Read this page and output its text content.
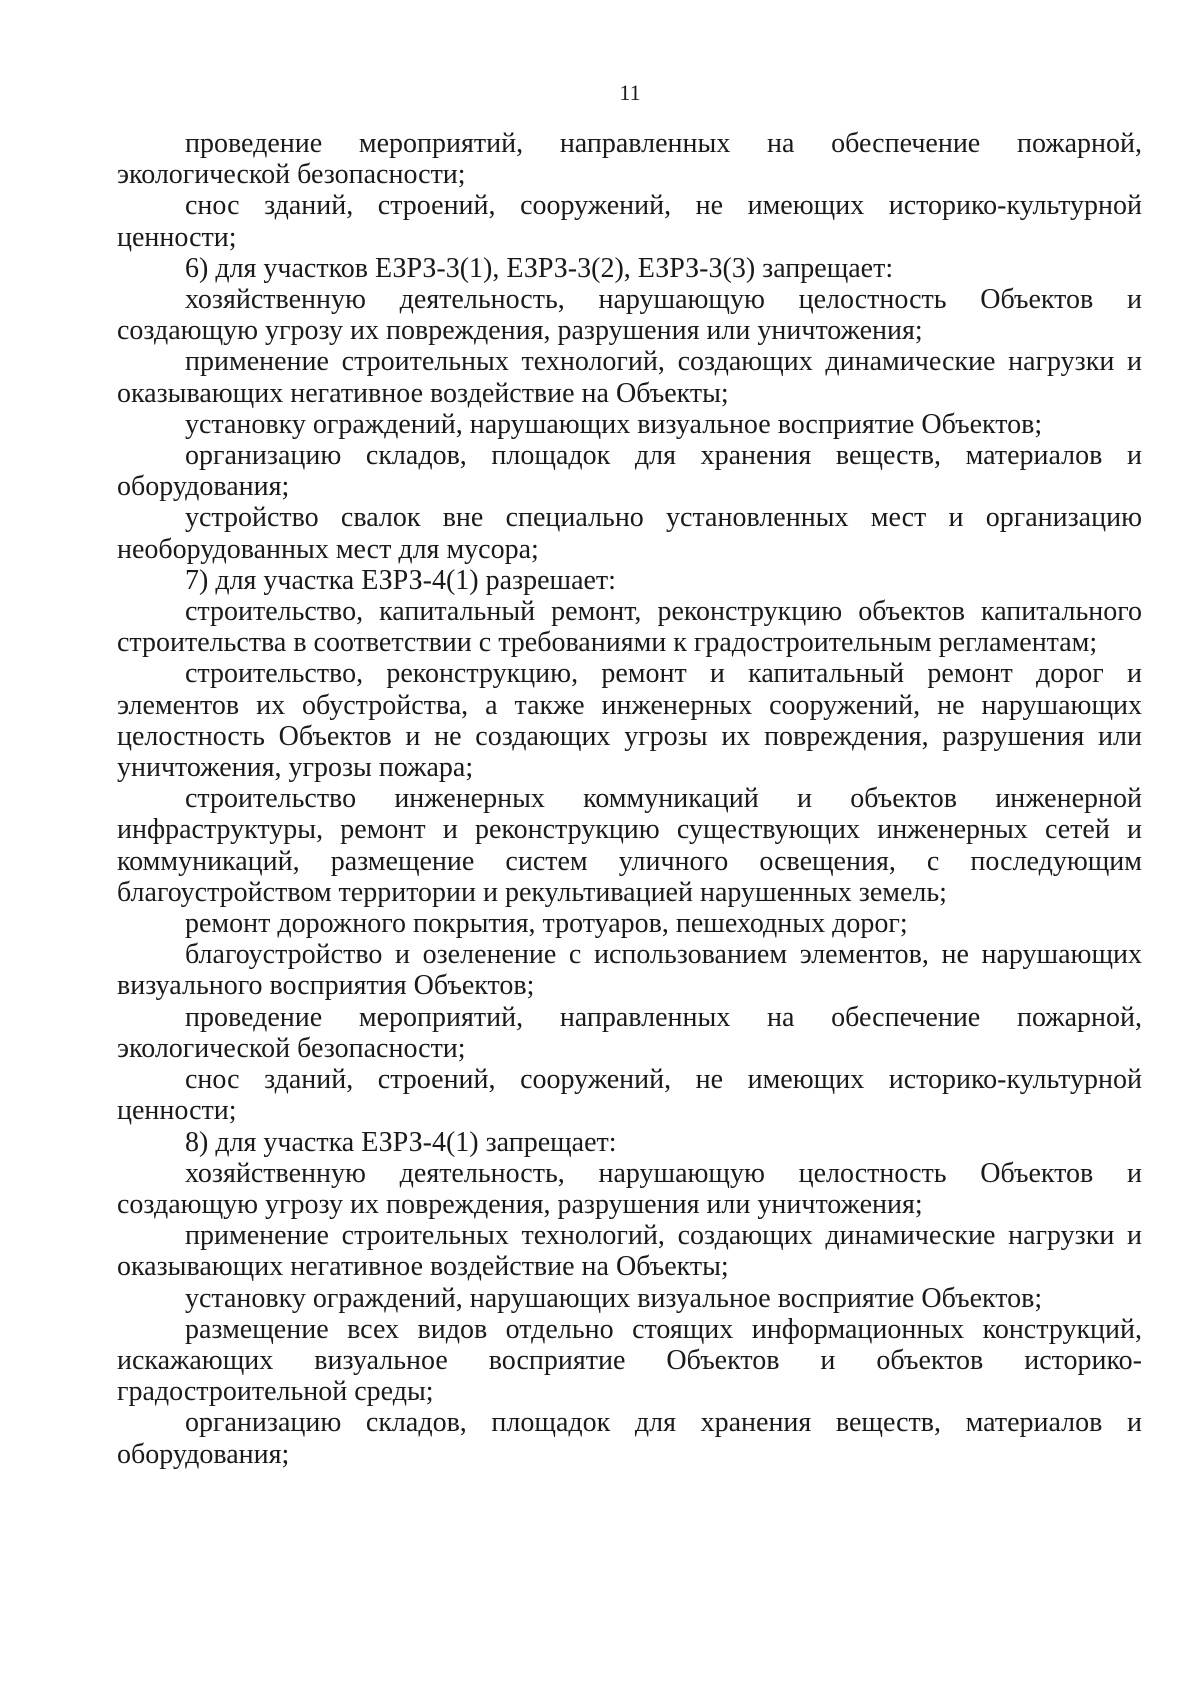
11

проведение мероприятий, направленных на обеспечение пожарной, экологической безопасности;

снос зданий, строений, сооружений, не имеющих историко-культурной ценности;

6) для участков ЕЗРЗ-3(1), ЕЗРЗ-3(2), ЕЗРЗ-3(3) запрещает:

хозяйственную деятельность, нарушающую целостность Объектов и создающую угрозу их повреждения, разрушения или уничтожения;

применение строительных технологий, создающих динамические нагрузки и оказывающих негативное воздействие на Объекты;

установку ограждений, нарушающих визуальное восприятие Объектов;

организацию складов, площадок для хранения веществ, материалов и оборудования;

устройство свалок вне специально установленных мест и организацию необорудованных мест для мусора;

7) для участка ЕЗРЗ-4(1) разрешает:

строительство, капитальный ремонт, реконструкцию объектов капитального строительства в соответствии с требованиями к градостроительным регламентам;

строительство, реконструкцию, ремонт и капитальный ремонт дорог и элементов их обустройства, а также инженерных сооружений, не нарушающих целостность Объектов и не создающих угрозы их повреждения, разрушения или уничтожения, угрозы пожара;

строительство инженерных коммуникаций и объектов инженерной инфраструктуры, ремонт и реконструкцию существующих инженерных сетей и коммуникаций, размещение систем уличного освещения, с последующим благоустройством территории и рекультивацией нарушенных земель;

ремонт дорожного покрытия, тротуаров, пешеходных дорог;

благоустройство и озеленение с использованием элементов, не нарушающих визуального восприятия Объектов;

проведение мероприятий, направленных на обеспечение пожарной, экологической безопасности;

снос зданий, строений, сооружений, не имеющих историко-культурной ценности;

8) для участка ЕЗРЗ-4(1) запрещает:

хозяйственную деятельность, нарушающую целостность Объектов и создающую угрозу их повреждения, разрушения или уничтожения;

применение строительных технологий, создающих динамические нагрузки и оказывающих негативное воздействие на Объекты;

установку ограждений, нарушающих визуальное восприятие Объектов;

размещение всех видов отдельно стоящих информационных конструкций, искажающих визуальное восприятие Объектов и объектов историко-градостроительной среды;

организацию складов, площадок для хранения веществ, материалов и оборудования;
